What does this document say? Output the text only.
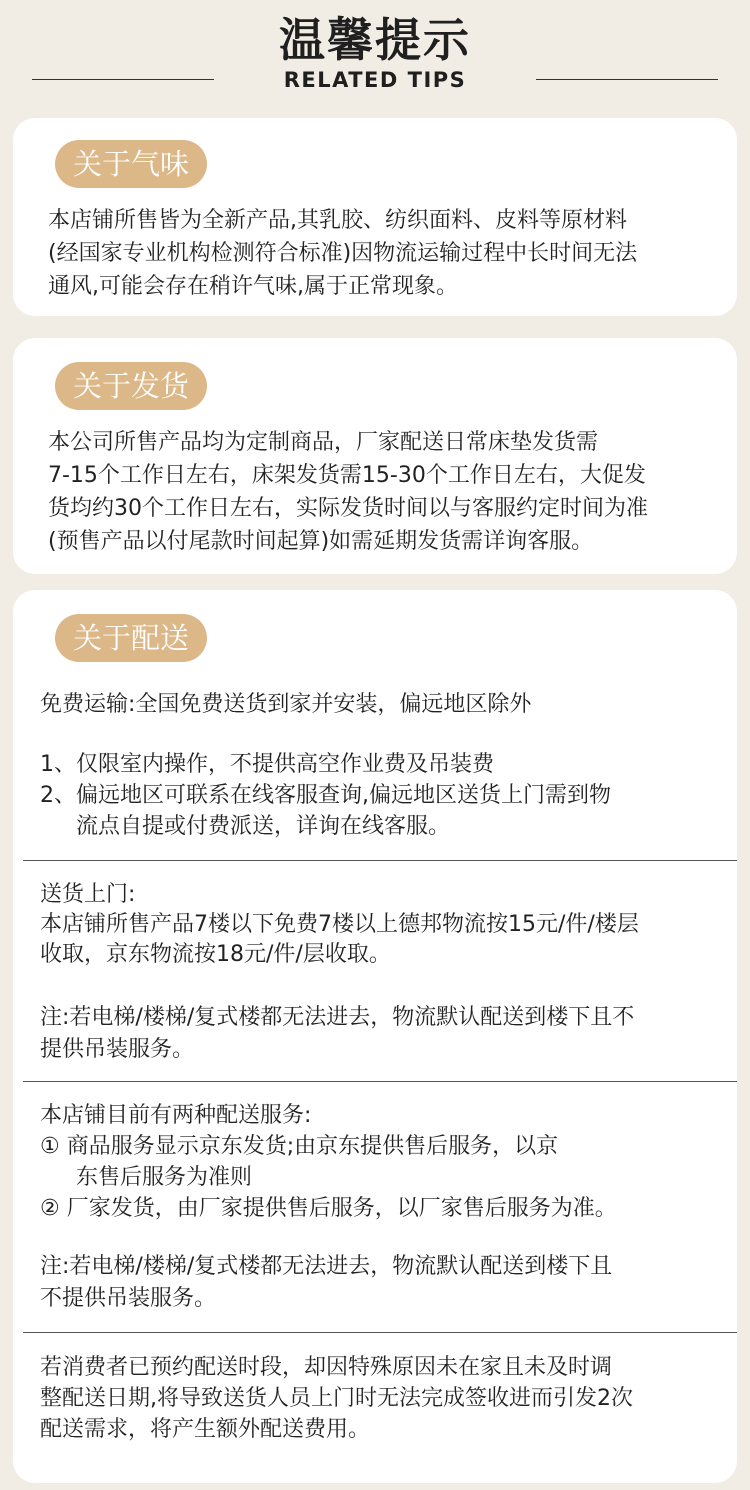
温馨提示
RELATED TIPS
关于气味
本店铺所售皆为全新产品,其乳胶、纺织面料、皮料等原材料
(经国家专业机构检测符合标准)因物流运输过程中长时间无法
通风,可能会存在稍许气味,属于正常现象。
关于发货
本公司所售产品均为定制商品，厂家配送日常床垫发货需
7-15个工作日左右，床架发货需15-30个工作日左右，大促发
货均约30个工作日左右，实际发货时间以与客服约定时间为准
(预售产品以付尾款时间起算)如需延期发货需详询客服。
关于配送
免费运输:全国免费送货到家并安装，偏远地区除外
1、仅限室内操作，不提供高空作业费及吊装费
2、偏远地区可联系在线客服查询,偏远地区送货上门需到物
流点自提或付费派送，详询在线客服。
送货上门:
本店铺所售产品7楼以下免费7楼以上德邦物流按15元/件/楼层
收取，京东物流按18元/件/层收取。
注:若电梯/楼梯/复式楼都无法进去，物流默认配送到楼下且不
提供吊装服务。
本店铺目前有两种配送服务:
① 商品服务显示京东发货;由京东提供售后服务，以京
东售后服务为准则
② 厂家发货，由厂家提供售后服务，以厂家售后服务为准。
注:若电梯/楼梯/复式楼都无法进去，物流默认配送到楼下且
不提供吊装服务。
若消费者已预约配送时段，却因特殊原因未在家且未及时调
整配送日期,将导致送货人员上门时无法完成签收进而引发2次
配送需求，将产生额外配送费用。
